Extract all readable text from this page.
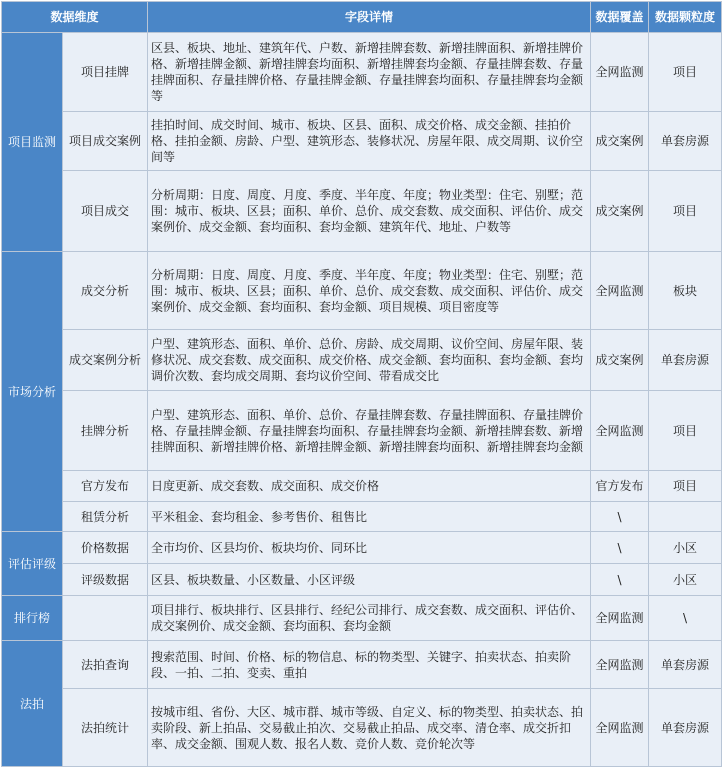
数据维度		字段详情	数据覆盖	数据颗粒度
项目监测	项目挂牌	区县、板块、地址、建筑年代、户数、新增挂牌套数、新增挂牌面积、新增挂牌价格、新增挂牌金额、新增挂牌套均面积、新增挂牌套均金额、存量挂牌套数、存量挂牌面积、存量挂牌价格、存量挂牌金额、存量挂牌套均面积、存量挂牌套均金额等	全网监测	项目
	项目成交案例	挂拍时间、成交时间、城市、板块、区县、面积、成交价格、成交金额、挂拍价格、挂拍金额、房龄、户型、建筑形态、装修状况、房屋年限、成交周期、议价空间等	成交案例	单套房源
	项目成交	分析周期：日度、周度、月度、季度、半年度、年度；物业类型：住宅、别墅；范围：城市、板块、区县；面积、单价、总价、成交套数、成交面积、评估价、成交案例价、成交金额、套均面积、套均金额、建筑年代、地址、户数等	成交案例	项目
市场分析	成交分析	分析周期：日度、周度、月度、季度、半年度、年度；物业类型：住宅、别墅；范围：城市、板块、区县；面积、单价、总价、成交套数、成交面积、评估价、成交案例价、成交金额、套均面积、套均金额、项目规模、项目密度等	全网监测	板块
	成交案例分析	户型、建筑形态、面积、单价、总价、房龄、成交周期、议价空间、房屋年限、装修状况、成交套数、成交面积、成交价格、成交金额、套均面积、套均金额、套均调价次数、套均成交周期、套均议价空间、带看成交比	成交案例	单套房源
	挂牌分析	户型、建筑形态、面积、单价、总价、存量挂牌套数、存量挂牌面积、存量挂牌价格、存量挂牌金额、存量挂牌套均面积、存量挂牌套均金额、新增挂牌套数、新增挂牌面积、新增挂牌价格、新增挂牌金额、新增挂牌套均面积、新增挂牌套均金额	全网监测	项目
	官方发布	日度更新、成交套数、成交面积、成交价格	官方发布	项目
	租赁分析	平米租金、套均租金、参考售价、租售比	\	
评估评级	价格数据	全市均价、区县均价、板块均价、同环比	\	小区
	评级数据	区县、板块数量、小区数量、小区评级	\	小区
排行榜		项目排行、板块排行、区县排行、经纪公司排行、成交套数、成交面积、评估价、成交案例价、成交金额、套均面积、套均金额	全网监测	\
法拍	法拍查询	搜索范围、时间、价格、标的物信息、标的物类型、关键字、拍卖状态、拍卖阶段、一拍、二拍、变卖、重拍	全网监测	单套房源
	法拍统计	按城市组、省份、大区、城市群、城市等级、自定义、标的物类型、拍卖状态、拍卖阶段、新上拍品、交易截止拍次、交易截止拍品、成交率、清仓率、成交折扣率、成交金额、围观人数、报名人数、竞价人数、竞价轮次等	全网监测	单套房源
